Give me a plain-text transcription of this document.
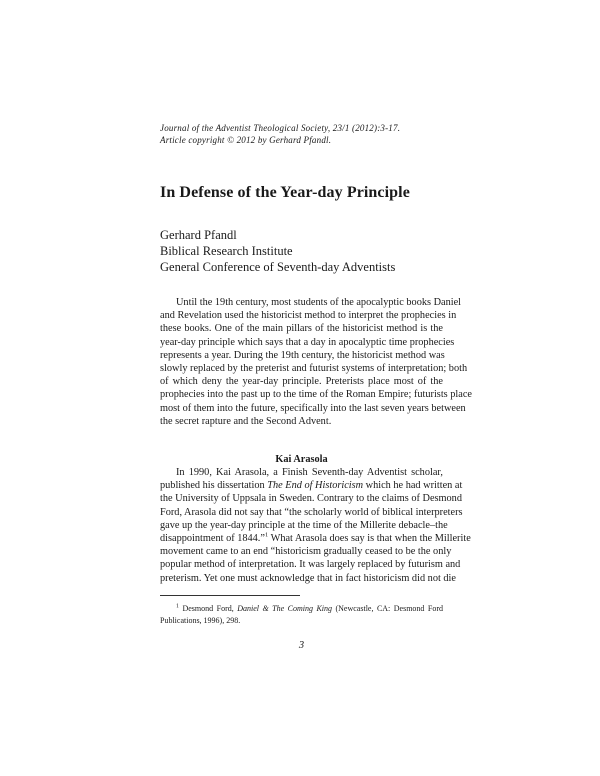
Journal of the Adventist Theological Society, 23/1 (2012):3-17.
Article copyright © 2012 by Gerhard Pfandl.
In Defense of the Year-day Principle
Gerhard Pfandl
Biblical Research Institute
General Conference of Seventh-day Adventists
Until the 19th century, most students of the apocalyptic books Daniel
and Revelation used the historicist method to interpret the prophecies in
these books. One of the main pillars of the historicist method is the
year-day principle which says that a day in apocalyptic time prophecies
represents a year. During the 19th century, the historicist method was
slowly replaced by the preterist and futurist systems of interpretation; both
of which deny the year-day principle. Preterists place most of the
prophecies into the past up to the time of the Roman Empire; futurists place
most of them into the future, specifically into the last seven years between
the secret rapture and the Second Advent.
Kai Arasola
In 1990, Kai Arasola, a Finish Seventh-day Adventist scholar,
published his dissertation The End of Historicism which he had written at
the University of Uppsala in Sweden. Contrary to the claims of Desmond
Ford, Arasola did not say that “the scholarly world of biblical interpreters
gave up the year-day principle at the time of the Millerite debacle–the
disappointment of 1844.”$^1$ What Arasola does say is that when the Millerite
movement came to an end “historicism gradually ceased to be the only
popular method of interpretation. It was largely replaced by futurism and
preterism. Yet one must acknowledge that in fact historicism did not die
$^1$ Desmond Ford, Daniel & The Coming King (Newcastle, CA: Desmond Ford
Publications, 1996), 298.
3
